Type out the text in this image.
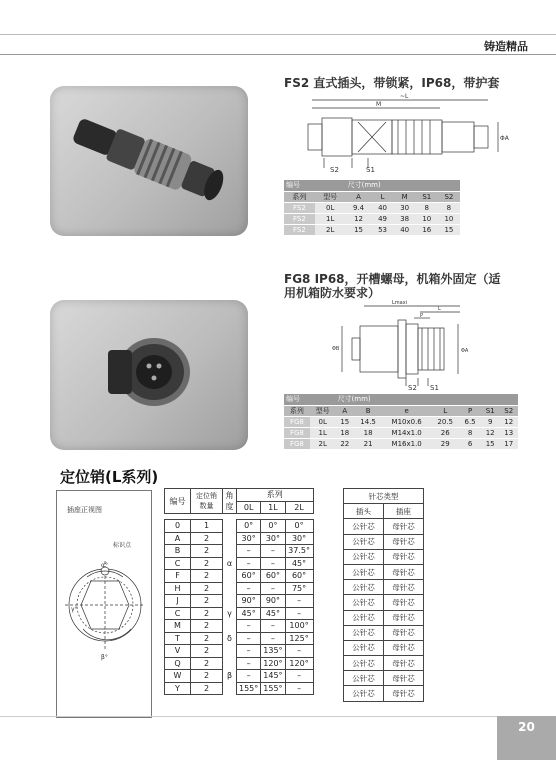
铸造精品
FS2 直式插头，带锁紧，IP68，带护套
~L
M
ΦA
S2	S1
编号		尺寸(mm)				
系列	型号	A	L	M	S1	S2
FS2	0L	9.4	40	30	8	8
FS2	1L	12	49	38	10	10
FS2	2L	15	53	40	16	15
FG8 IP68，开槽螺母，机箱外固定（适
用机箱防水要求）
Lmaxi
L
P
ΦB	ΦA
S2 S1
编号		尺寸(mm)						
系列	型号	A	B	e	L	P	S1	S2
FG8	0L	15	14.5	M10x0.6	20.5	6.5	9	12
FG8	1L	18	18	M14x1.0	26	8	12	13
FG8	2L	22	21	M16x1.0	29	6	15	17
定位销(L系列)
插座正视图
标识点
α°
β°
γ°
编号	定位销数量	角度	系列		
			0L	1L	2L

0	1		0°	0°	0°
A	2		30°	30°	30°
B	2		–	–	37.5°
C	2	α	–	–	45°
F	2		60°	60°	60°
H	2		–	–	75°
J	2		90°	90°	–
C	2	γ	45°	45°	–
M	2		–	–	100°
T	2	δ	–	–	125°
V	2		–	135°	–
Q	2		–	120°	120°
W	2	β	–	145°	–
Y	2		155°	155°	–
针芯类型	
插头	插座
公针芯	母针芯
公针芯	母针芯
公针芯	母针芯
公针芯	母针芯
公针芯	母针芯
公针芯	母针芯
公针芯	母针芯
公针芯	母针芯
公针芯	母针芯
公针芯	母针芯
公针芯	母针芯
公针芯	母针芯
20
